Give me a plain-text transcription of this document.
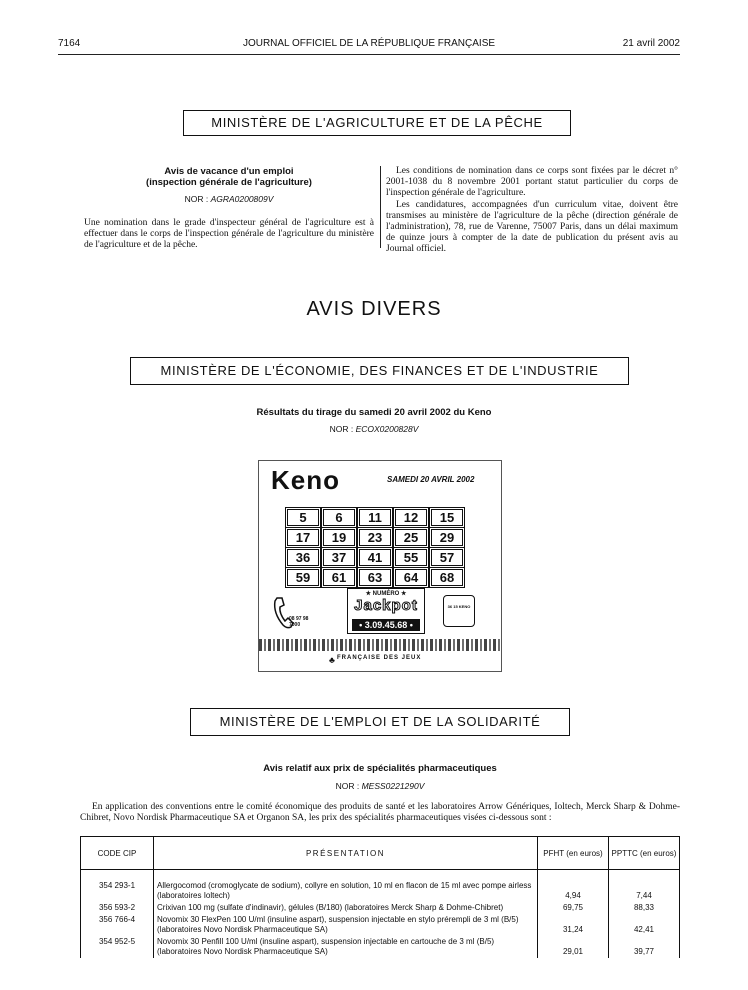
7164	JOURNAL OFFICIEL DE LA RÉPUBLIQUE FRANÇAISE	21 avril 2002
MINISTÈRE DE L'AGRICULTURE ET DE LA PÊCHE
Avis de vacance d'un emploi
(inspection générale de l'agriculture)
NOR : AGRA0200809V
Une nomination dans le grade d'inspecteur général de l'agriculture est à effectuer dans le corps de l'inspection générale de l'agriculture du ministère de l'agriculture et de la pêche.
Les conditions de nomination dans ce corps sont fixées par le décret n° 2001-1038 du 8 novembre 2001 portant statut particulier du corps de l'inspection générale de l'agriculture.
Les candidatures, accompagnées d'un curriculum vitae, doivent être transmises au ministère de l'agriculture de la pêche (direction générale de l'administration), 78, rue de Varenne, 75007 Paris, dans un délai maximum de quinze jours à compter de la date de publication du présent avis au Journal officiel.
AVIS DIVERS
MINISTÈRE DE L'ÉCONOMIE, DES FINANCES ET DE L'INDUSTRIE
Résultats du tirage du samedi 20 avril 2002 du Keno
NOR : ECOX0200828V
Keno	SAMEDI 20 AVRIL 2002
5	6	11	12	15
17	19	23	25	29
36	37	41	55	57
59	61	63	64	68
08 97 98 7000
★ NUMÉRO ★
Jackpot
• 3.09.45.68 •
36 15 KENO
♣ FRANÇAISE DES JEUX
MINISTÈRE DE L'EMPLOI ET DE LA SOLIDARITÉ
Avis relatif aux prix de spécialités pharmaceutiques
NOR : MESS0221290V
En application des conventions entre le comité économique des produits de santé et les laboratoires Arrow Génériques, Ioltech, Merck Sharp & Dohme-Chibret, Novo Nordisk Pharmaceutique SA et Organon SA, les prix des spécialités pharmaceutiques visées ci-dessous sont :
CODE CIP	PRÉSENTATION	PFHT (en euros)	PPTTC (en euros)

354 293-1	Allergocomod (cromoglycate de sodium), collyre en solution, 10 ml en flacon de 15 ml avec pompe airless (laboratoires Ioltech)	4,94	7,44
356 593-2	Crixivan 100 mg (sulfate d'indinavir), gélules (B/180) (laboratoires Merck Sharp & Dohme-Chibret)	69,75	88,33
356 766-4	Novomix 30 FlexPen 100 U/ml (insuline aspart), suspension injectable en stylo prérempli de 3 ml (B/5) (laboratoires Novo Nordisk Pharmaceutique SA)	31,24	42,41
354 952-5	Novomix 30 Penfill 100 U/ml (insuline aspart), suspension injectable en cartouche de 3 ml (B/5) (laboratoires Novo Nordisk Pharmaceutique SA)	29,01	39,77
